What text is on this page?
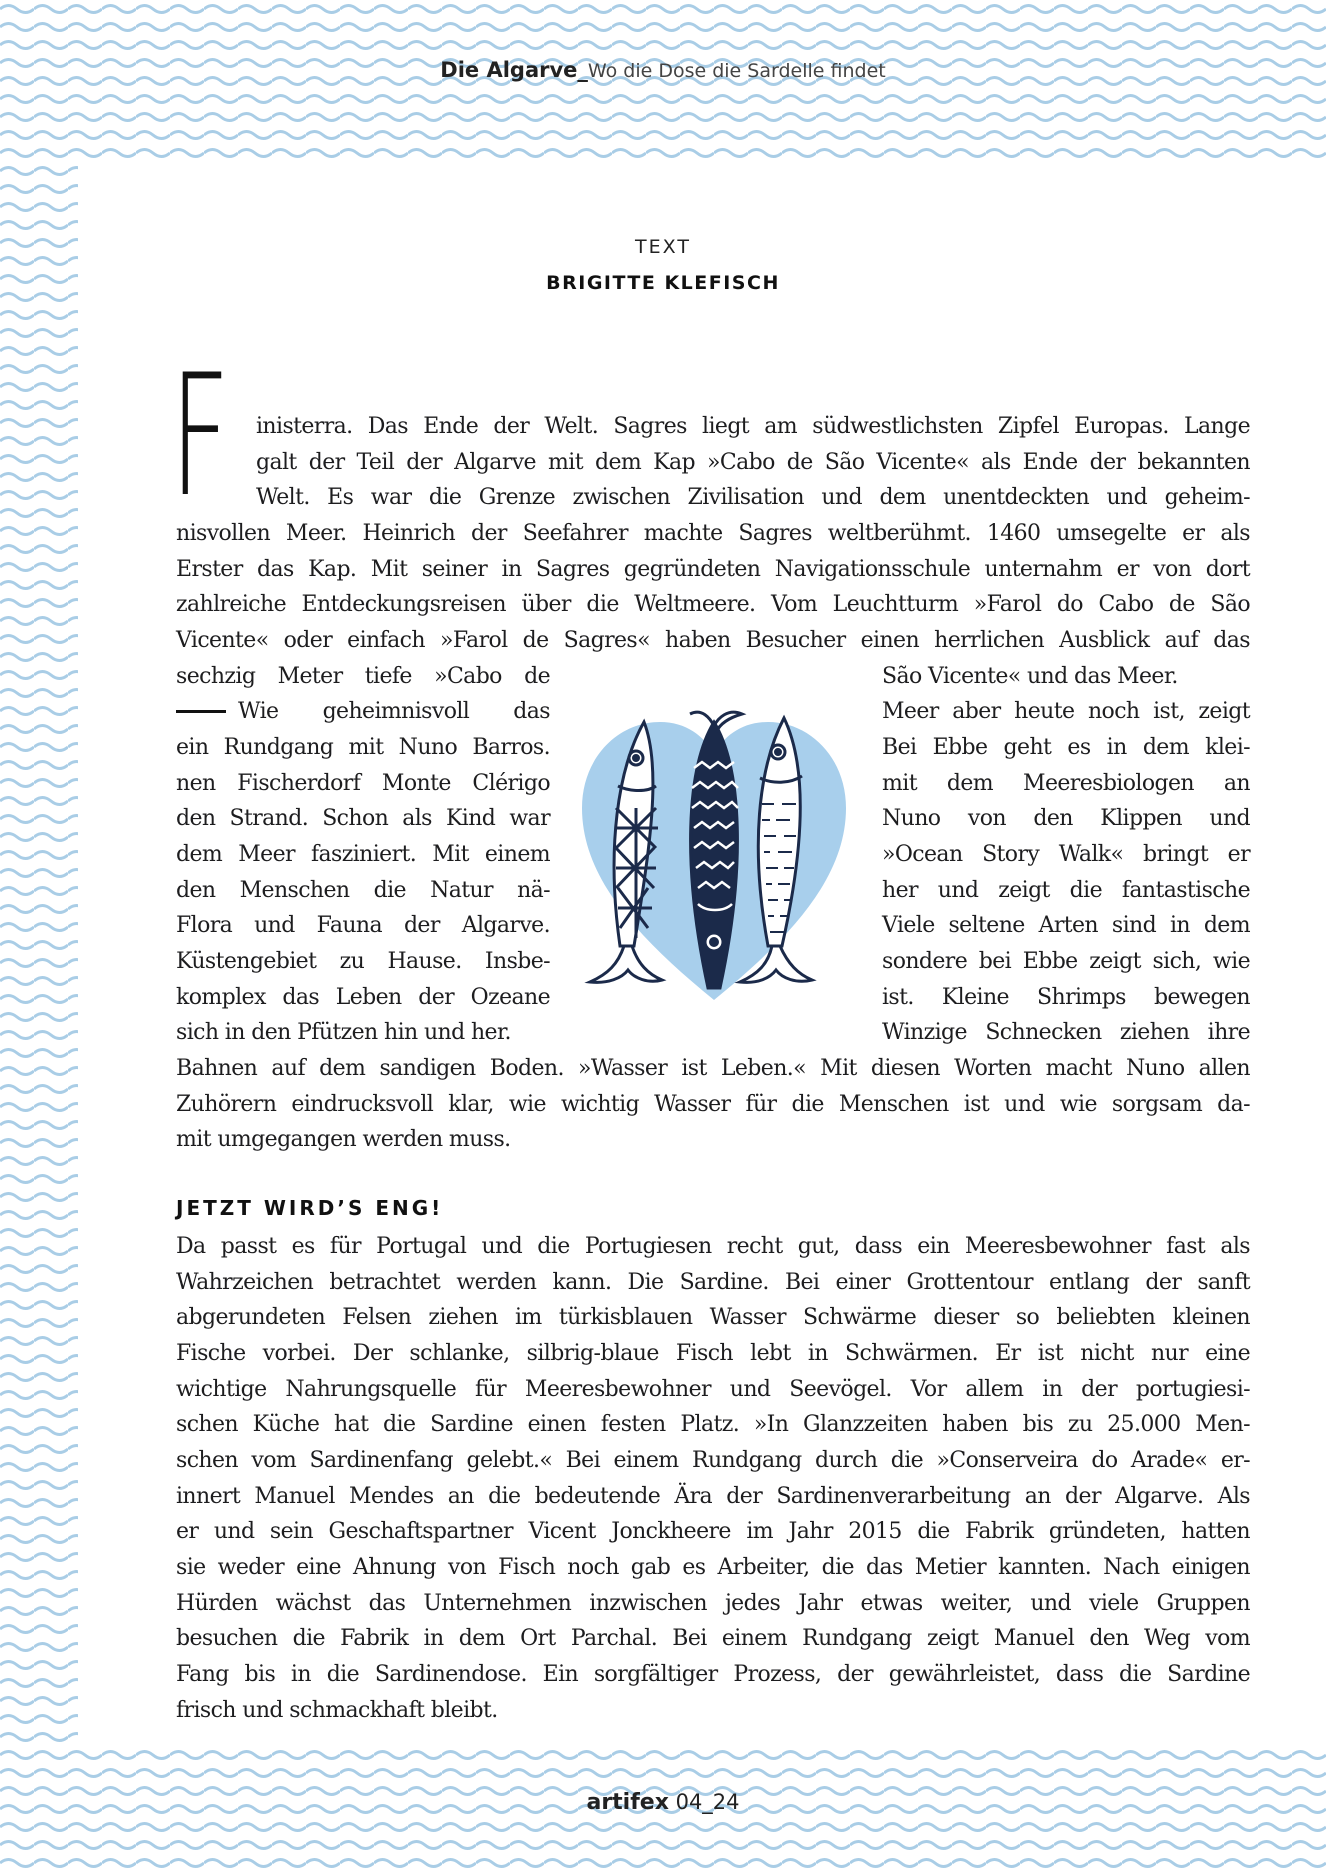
Die Algarve_Wo die Dose die Sardelle findet
TEXT
BRIGITTE KLEFISCH
F inisterra. Das Ende der Welt. Sagres liegt am südwestlichsten Zipfel Europas. Lange
galt der Teil der Algarve mit dem Kap »Cabo de São Vicente« als Ende der bekannten
Welt. Es war die Grenze zwischen Zivilisation und dem unentdeckten und geheim-
nisvollen Meer. Heinrich der Seefahrer machte Sagres weltberühmt. 1460 umsegelte er als
Erster das Kap. Mit seiner in Sagres gegründeten Navigationsschule unternahm er von dort
zahlreiche Entdeckungsreisen über die Weltmeere. Vom Leuchtturm »Farol do Cabo de São
Vicente« oder einfach »Farol de Sagres« haben Besucher einen herrlichen Ausblick auf das
sechzig Meter tiefe »Cabo de
Wie geheimnisvoll das
ein Rundgang mit Nuno Barros.
nen Fischerdorf Monte Clérigo
den Strand. Schon als Kind war
dem Meer fasziniert. Mit einem
den Menschen die Natur nä-
Flora und Fauna der Algarve.
Küstengebiet zu Hause. Insbe-
komplex das Leben der Ozeane
sich in den Pfützen hin und her.
São Vicente« und das Meer.
Meer aber heute noch ist, zeigt
Bei Ebbe geht es in dem klei-
mit dem Meeresbiologen an
Nuno von den Klippen und
»Ocean Story Walk« bringt er
her und zeigt die fantastische
Viele seltene Arten sind in dem
sondere bei Ebbe zeigt sich, wie
ist. Kleine Shrimps bewegen
Winzige Schnecken ziehen ihre
Bahnen auf dem sandigen Boden. »Wasser ist Leben.« Mit diesen Worten macht Nuno allen
Zuhörern eindrucksvoll klar, wie wichtig Wasser für die Menschen ist und wie sorgsam da-
mit umgegangen werden muss.
JETZT WIRD’S ENG!
Da passt es für Portugal und die Portugiesen recht gut, dass ein Meeresbewohner fast als
Wahrzeichen betrachtet werden kann. Die Sardine. Bei einer Grottentour entlang der sanft
abgerundeten Felsen ziehen im türkisblauen Wasser Schwärme dieser so beliebten kleinen
Fische vorbei. Der schlanke, silbrig-blaue Fisch lebt in Schwärmen. Er ist nicht nur eine
wichtige Nahrungsquelle für Meeresbewohner und Seevögel. Vor allem in der portugiesi-
schen Küche hat die Sardine einen festen Platz. »In Glanzzeiten haben bis zu 25.000 Men-
schen vom Sardinenfang gelebt.« Bei einem Rundgang durch die »Conserveira do Arade« er-
innert Manuel Mendes an die bedeutende Ära der Sardinenverarbeitung an der Algarve. Als
er und sein Geschaftspartner Vicent Jonckheere im Jahr 2015 die Fabrik gründeten, hatten
sie weder eine Ahnung von Fisch noch gab es Arbeiter, die das Metier kannten. Nach einigen
Hürden wächst das Unternehmen inzwischen jedes Jahr etwas weiter, und viele Gruppen
besuchen die Fabrik in dem Ort Parchal. Bei einem Rundgang zeigt Manuel den Weg vom
Fang bis in die Sardinendose. Ein sorgfältiger Prozess, der gewährleistet, dass die Sardine
frisch und schmackhaft bleibt.
artifex 04_24
